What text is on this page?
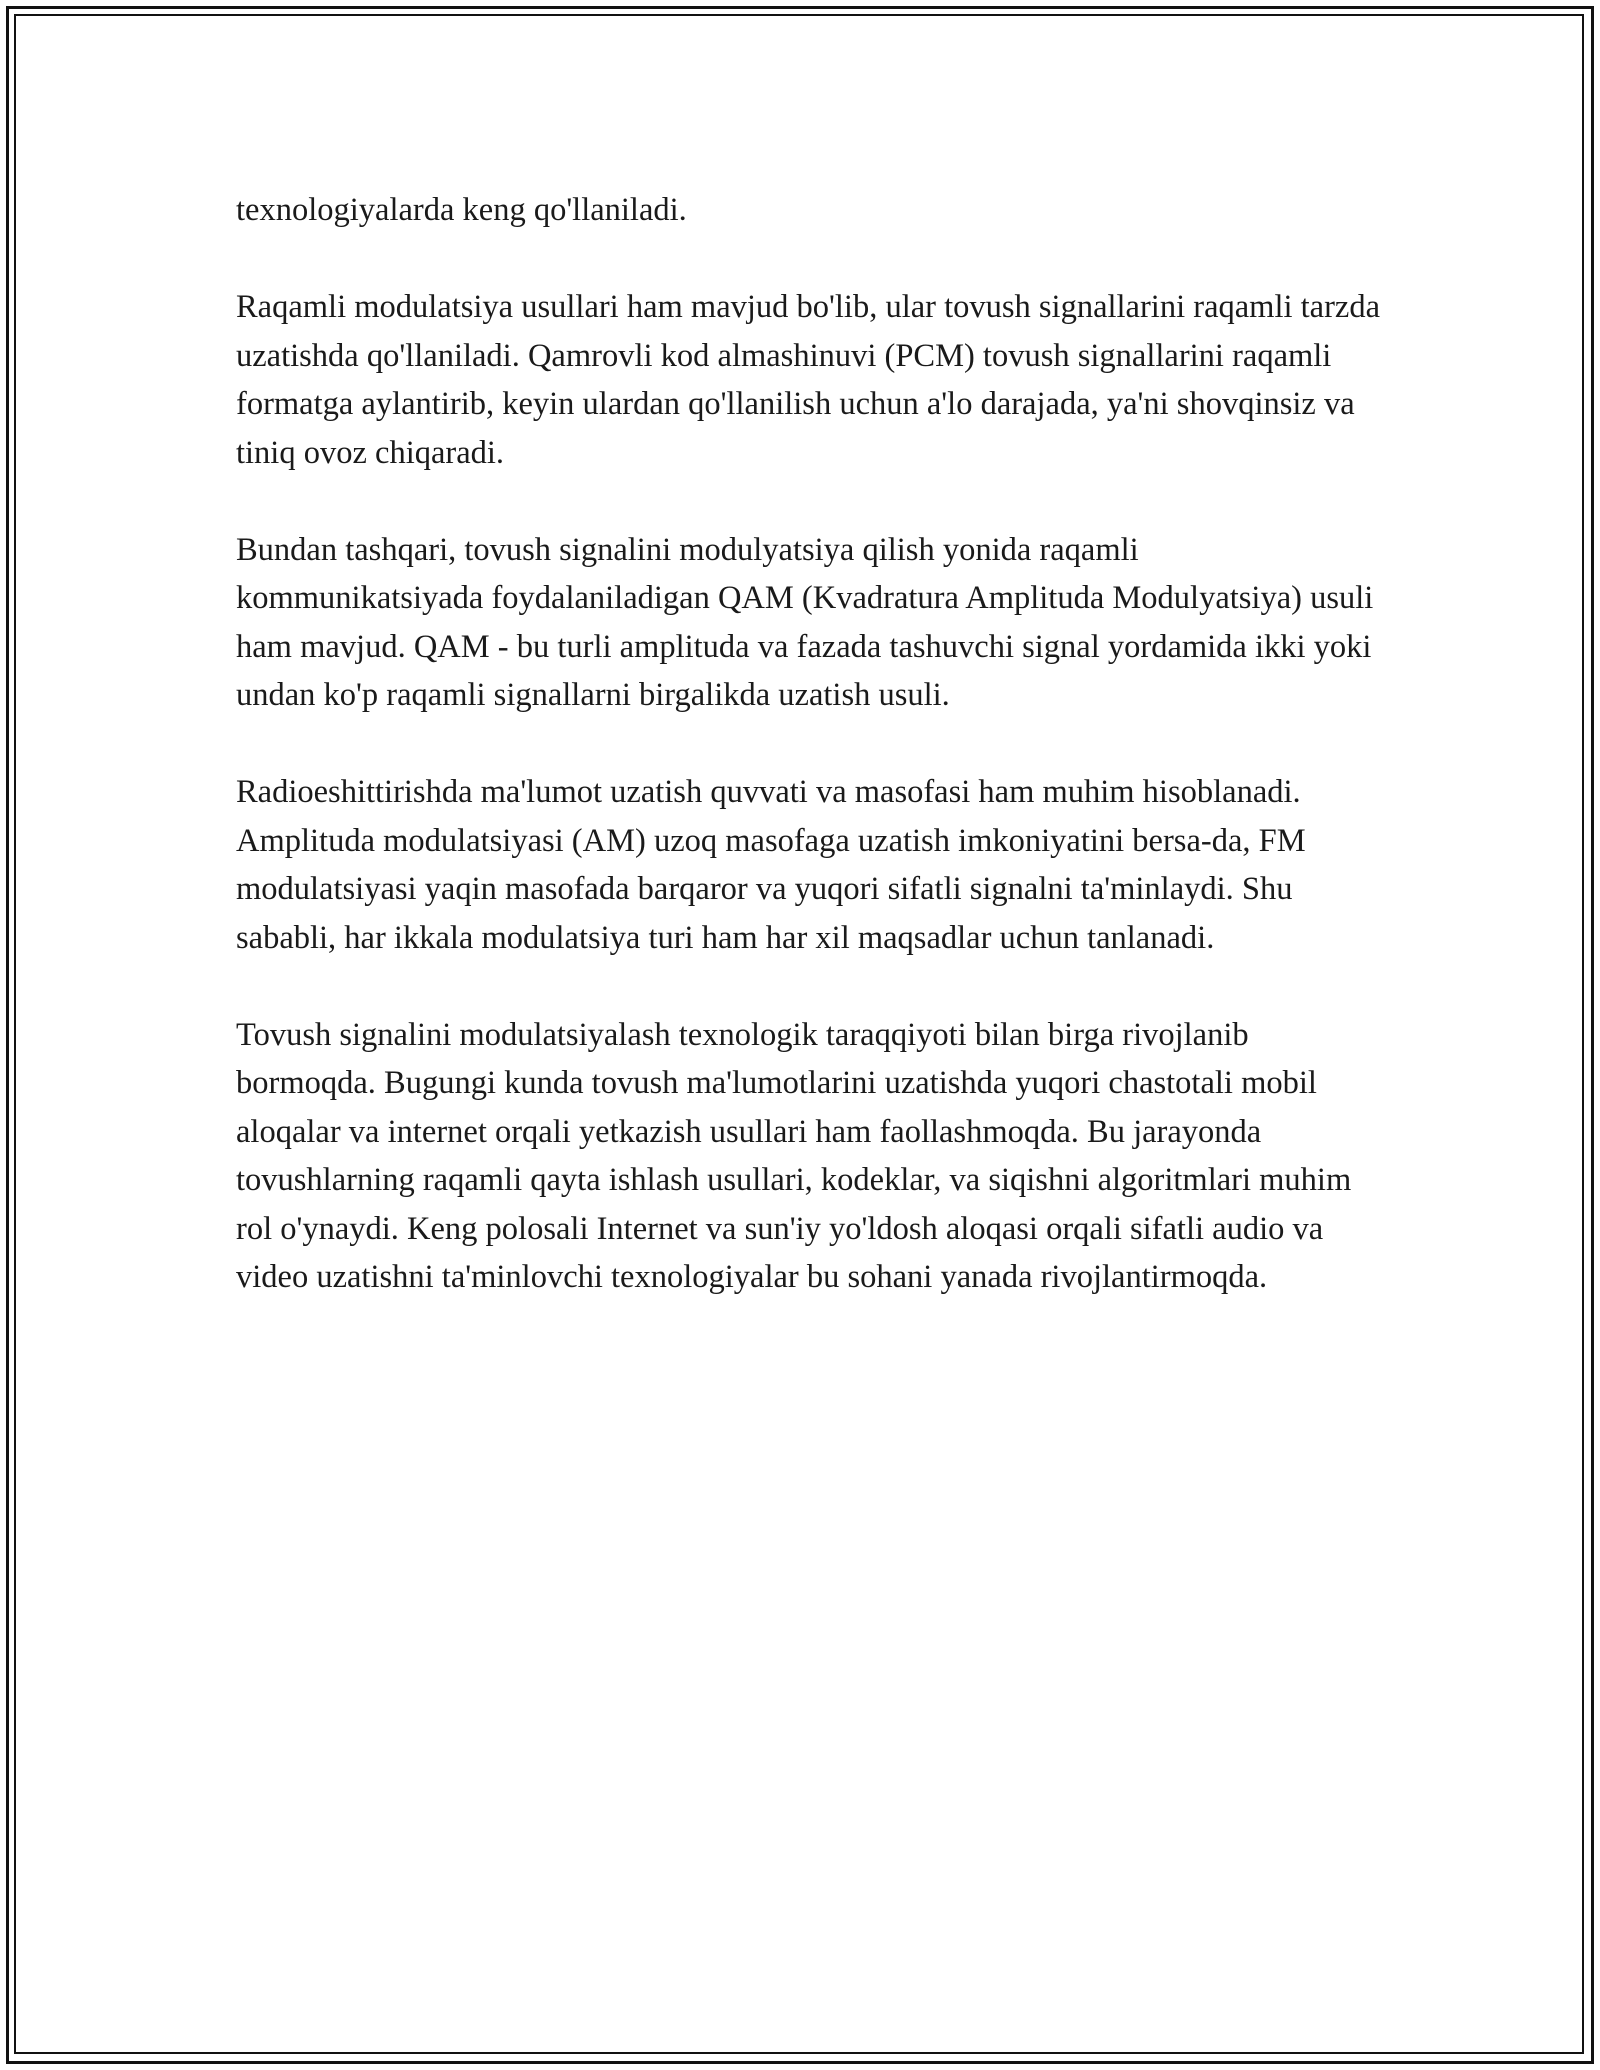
texnologiyalarda keng qo'llaniladi.

Raqamli modulatsiya usullari ham mavjud bo'lib, ular tovush signallarini raqamli tarzda uzatishda qo'llaniladi. Qamrovli kod almashinuvi (PCM) tovush signallarini raqamli formatga aylantirib, keyin ulardan qo'llanilish uchun a'lo darajada, ya'ni shovqinsiz va tiniq ovoz chiqaradi.

Bundan tashqari, tovush signalini modulyatsiya qilish yonida raqamli kommunikatsiyada foydalaniladigan QAM (Kvadratura Amplituda Modulyatsiya) usuli ham mavjud. QAM - bu turli amplituda va fazada tashuvchi signal yordamida ikki yoki undan ko'p raqamli signallarni birgalikda uzatish usuli.

Radioeshittirishda ma'lumot uzatish quvvati va masofasi ham muhim hisoblanadi. Amplituda modulatsiyasi (AM) uzoq masofaga uzatish imkoniyatini bersa-da, FM modulatsiyasi yaqin masofada barqaror va yuqori sifatli signalni ta'minlaydi. Shu sababli, har ikkala modulatsiya turi ham har xil maqsadlar uchun tanlanadi.

Tovush signalini modulatsiyalash texnologik taraqqiyoti bilan birga rivojlanib bormoqda. Bugungi kunda tovush ma'lumotlarini uzatishda yuqori chastotali mobil aloqalar va internet orqali yetkazish usullari ham faollashmoqda. Bu jarayonda tovushlarning raqamli qayta ishlash usullari, kodeklar, va siqishni algoritmlari muhim rol o'ynaydi. Keng polosali Internet va sun'iy yo'ldosh aloqasi orqali sifatli audio va video uzatishni ta'minlovchi texnologiyalar bu sohani yanada rivojlantirmoqda.
